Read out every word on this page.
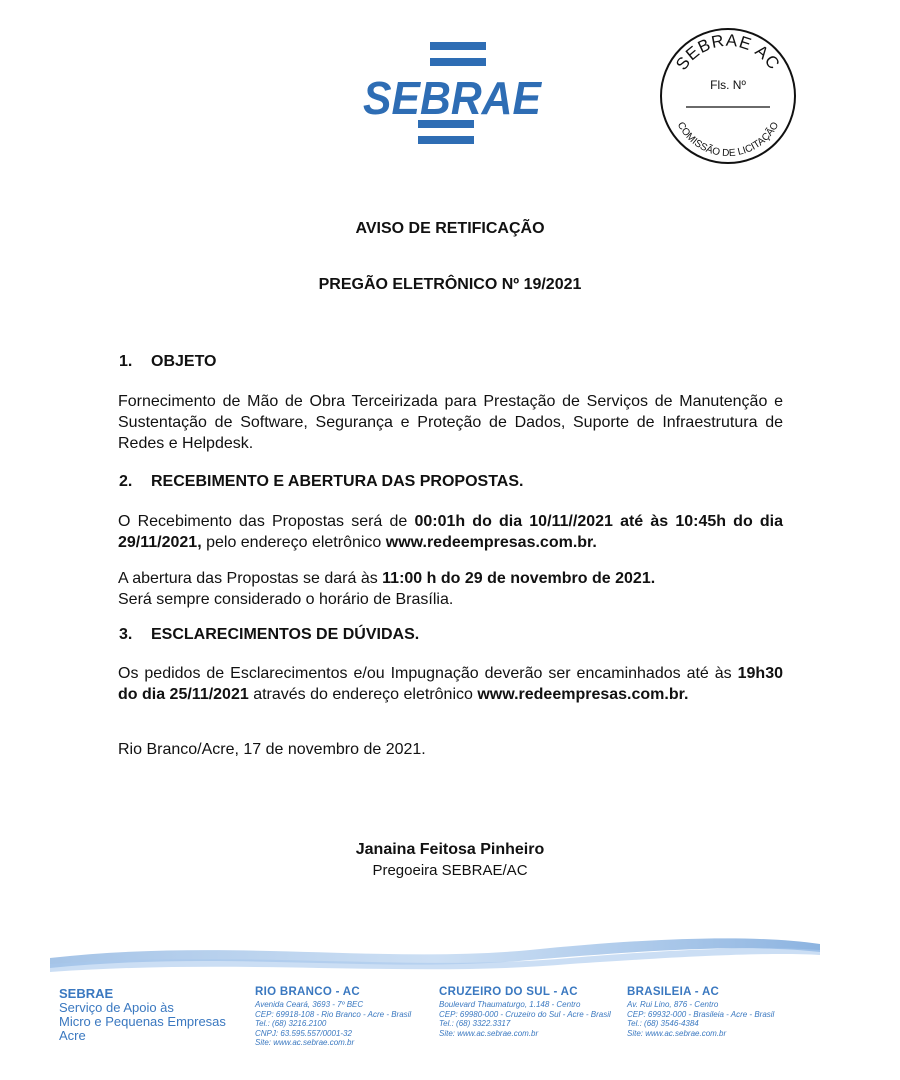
SEBRAE
SEBRAE AC
Fls. Nº
COMISSÃO DE LICITAÇÃO
AVISO DE RETIFICAÇÃO
PREGÃO ELETRÔNICO Nº 19/2021
1. OBJETO
Fornecimento de Mão de Obra Terceirizada para Prestação de Serviços de Manutenção e Sustentação de Software, Segurança e Proteção de Dados, Suporte de Infraestrutura de Redes e Helpdesk.
2. RECEBIMENTO E ABERTURA DAS PROPOSTAS.
O Recebimento das Propostas será de 00:01h do dia 10/11//2021 até às 10:45h do dia 29/11/2021, pelo endereço eletrônico www.redeempresas.com.br.
A abertura das Propostas se dará às 11:00 h do 29 de novembro de 2021.
Será sempre considerado o horário de Brasília.
3. ESCLARECIMENTOS DE DÚVIDAS.
Os pedidos de Esclarecimentos e/ou Impugnação deverão ser encaminhados até às 19h30 do dia 25/11/2021 através do endereço eletrônico www.redeempresas.com.br.
Rio Branco/Acre, 17 de novembro de 2021.
Janaina Feitosa Pinheiro
Pregoeira SEBRAE/AC
SEBRAE
Serviço de Apoio às
Micro e Pequenas Empresas
Acre
RIO BRANCO - AC
Avenida Ceará, 3693 - 7º BEC
CEP: 69918-108 - Rio Branco - Acre - Brasil
Tel.: (68) 3216.2100
CNPJ: 63.595.557/0001-32
Site: www.ac.sebrae.com.br
CRUZEIRO DO SUL - AC
Boulevard Thaumaturgo, 1.148 - Centro
CEP: 69980-000 - Cruzeiro do Sul - Acre - Brasil
Tel.: (68) 3322.3317
Site: www.ac.sebrae.com.br
BRASILEIA - AC
Av. Rui Lino, 876 - Centro
CEP: 69932-000 - Brasileia - Acre - Brasil
Tel.: (68) 3546-4384
Site: www.ac.sebrae.com.br
